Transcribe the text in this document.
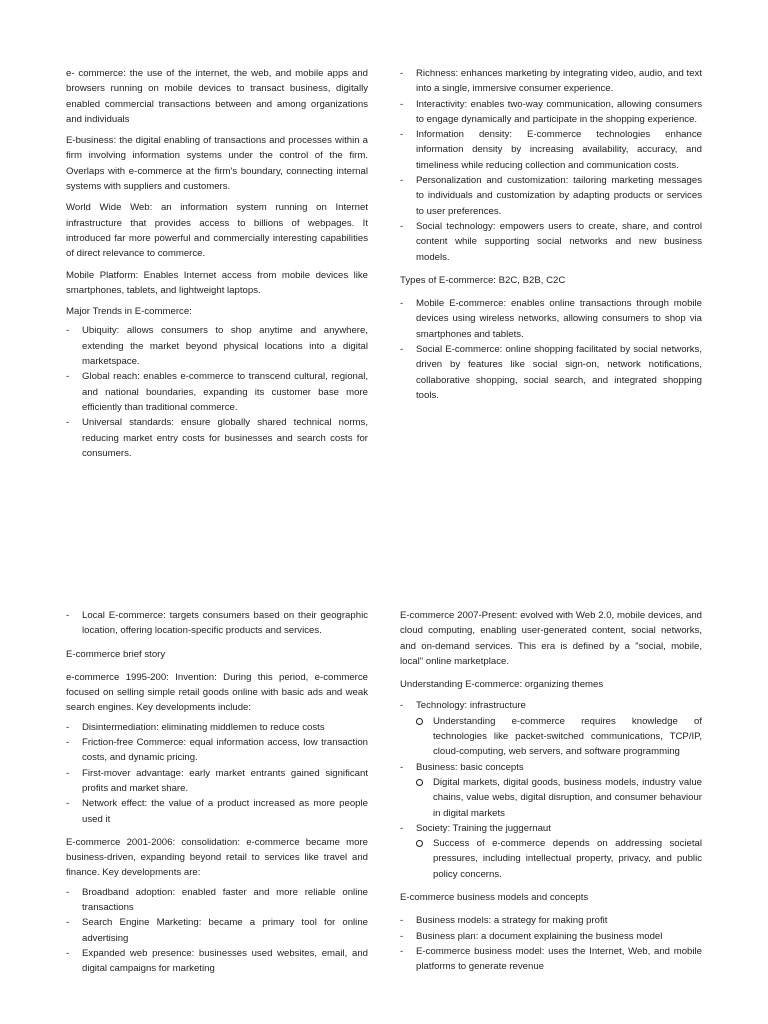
e- commerce: the use of the internet, the web, and mobile apps and browsers running on mobile devices to transact business, digitally enabled commercial transactions between and among organizations and individuals

E-business: the digital enabling of transactions and processes within a firm involving information systems under the control of the firm. Overlaps with e-commerce at the firm's boundary, connecting internal systems with suppliers and customers.

World Wide Web: an information system running on Internet infrastructure that provides access to billions of webpages. It introduced far more powerful and commercially interesting capabilities of direct relevance to commerce.

Mobile Platform: Enables Internet access from mobile devices like smartphones, tablets, and lightweight laptops.

Major Trends in E-commerce:

- Ubiquity: allows consumers to shop anytime and anywhere, extending the market beyond physical locations into a digital marketspace.
- Global reach: enables e-commerce to transcend cultural, regional, and national boundaries, expanding its customer base more efficiently than traditional commerce.
- Universal standards: ensure globally shared technical norms, reducing market entry costs for businesses and search costs for consumers.
- Richness: enhances marketing by integrating video, audio, and text into a single, immersive consumer experience.
- Interactivity: enables two-way communication, allowing consumers to engage dynamically and participate in the shopping experience.
- Information density: E-commerce technologies enhance information density by increasing availability, accuracy, and timeliness while reducing collection and communication costs.
- Personalization and customization: tailoring marketing messages to individuals and customization by adapting products or services to user preferences.
- Social technology: empowers users to create, share, and control content while supporting social networks and new business models.

Types of E-commerce: B2C, B2B, C2C

- Mobile E-commerce: enables online transactions through mobile devices using wireless networks, allowing consumers to shop via smartphones and tablets.
- Social E-commerce: online shopping facilitated by social networks, driven by features like social sign-on, network notifications, collaborative shopping, social search, and integrated shopping tools.
- Local E-commerce: targets consumers based on their geographic location, offering location-specific products and services.

E-commerce brief story

e-commerce 1995-200: Invention: During this period, e-commerce focused on selling simple retail goods online with basic ads and weak search engines. Key developments include:

- Disintermediation: eliminating middlemen to reduce costs
- Friction-free Commerce: equal information access, low transaction costs, and dynamic pricing.
- First-mover advantage: early market entrants gained significant profits and market share.
- Network effect: the value of a product increased as more people used it

E-commerce 2001-2006: consolidation: e-commerce became more business-driven, expanding beyond retail to services like travel and finance. Key developments are:

- Broadband adoption: enabled faster and more reliable online transactions
- Search Engine Marketing: became a primary tool for online advertising
- Expanded web presence: businesses used websites, email, and digital campaigns for marketing

E-commerce 2007-Present: evolved with Web 2.0, mobile devices, and cloud computing, enabling user-generated content, social networks, and on-demand services. This era is defined by a "social, mobile, local" online marketplace.

Understanding E-commerce: organizing themes

- Technology: infrastructure
Understanding e-commerce requires knowledge of technologies like packet-switched communications, TCP/IP, cloud-computing, web servers, and software programming
- Business: basic concepts
Digital markets, digital goods, business models, industry value chains, value webs, digital disruption, and consumer behaviour in digital markets
- Society: Training the juggernaut
Success of e-commerce depends on addressing societal pressures, including intellectual property, privacy, and public policy concerns.

E-commerce business models and concepts

- Business models: a strategy for making profit
- Business plan: a document explaining the business model
- E-commerce business model: uses the Internet, Web, and mobile platforms to generate revenue
